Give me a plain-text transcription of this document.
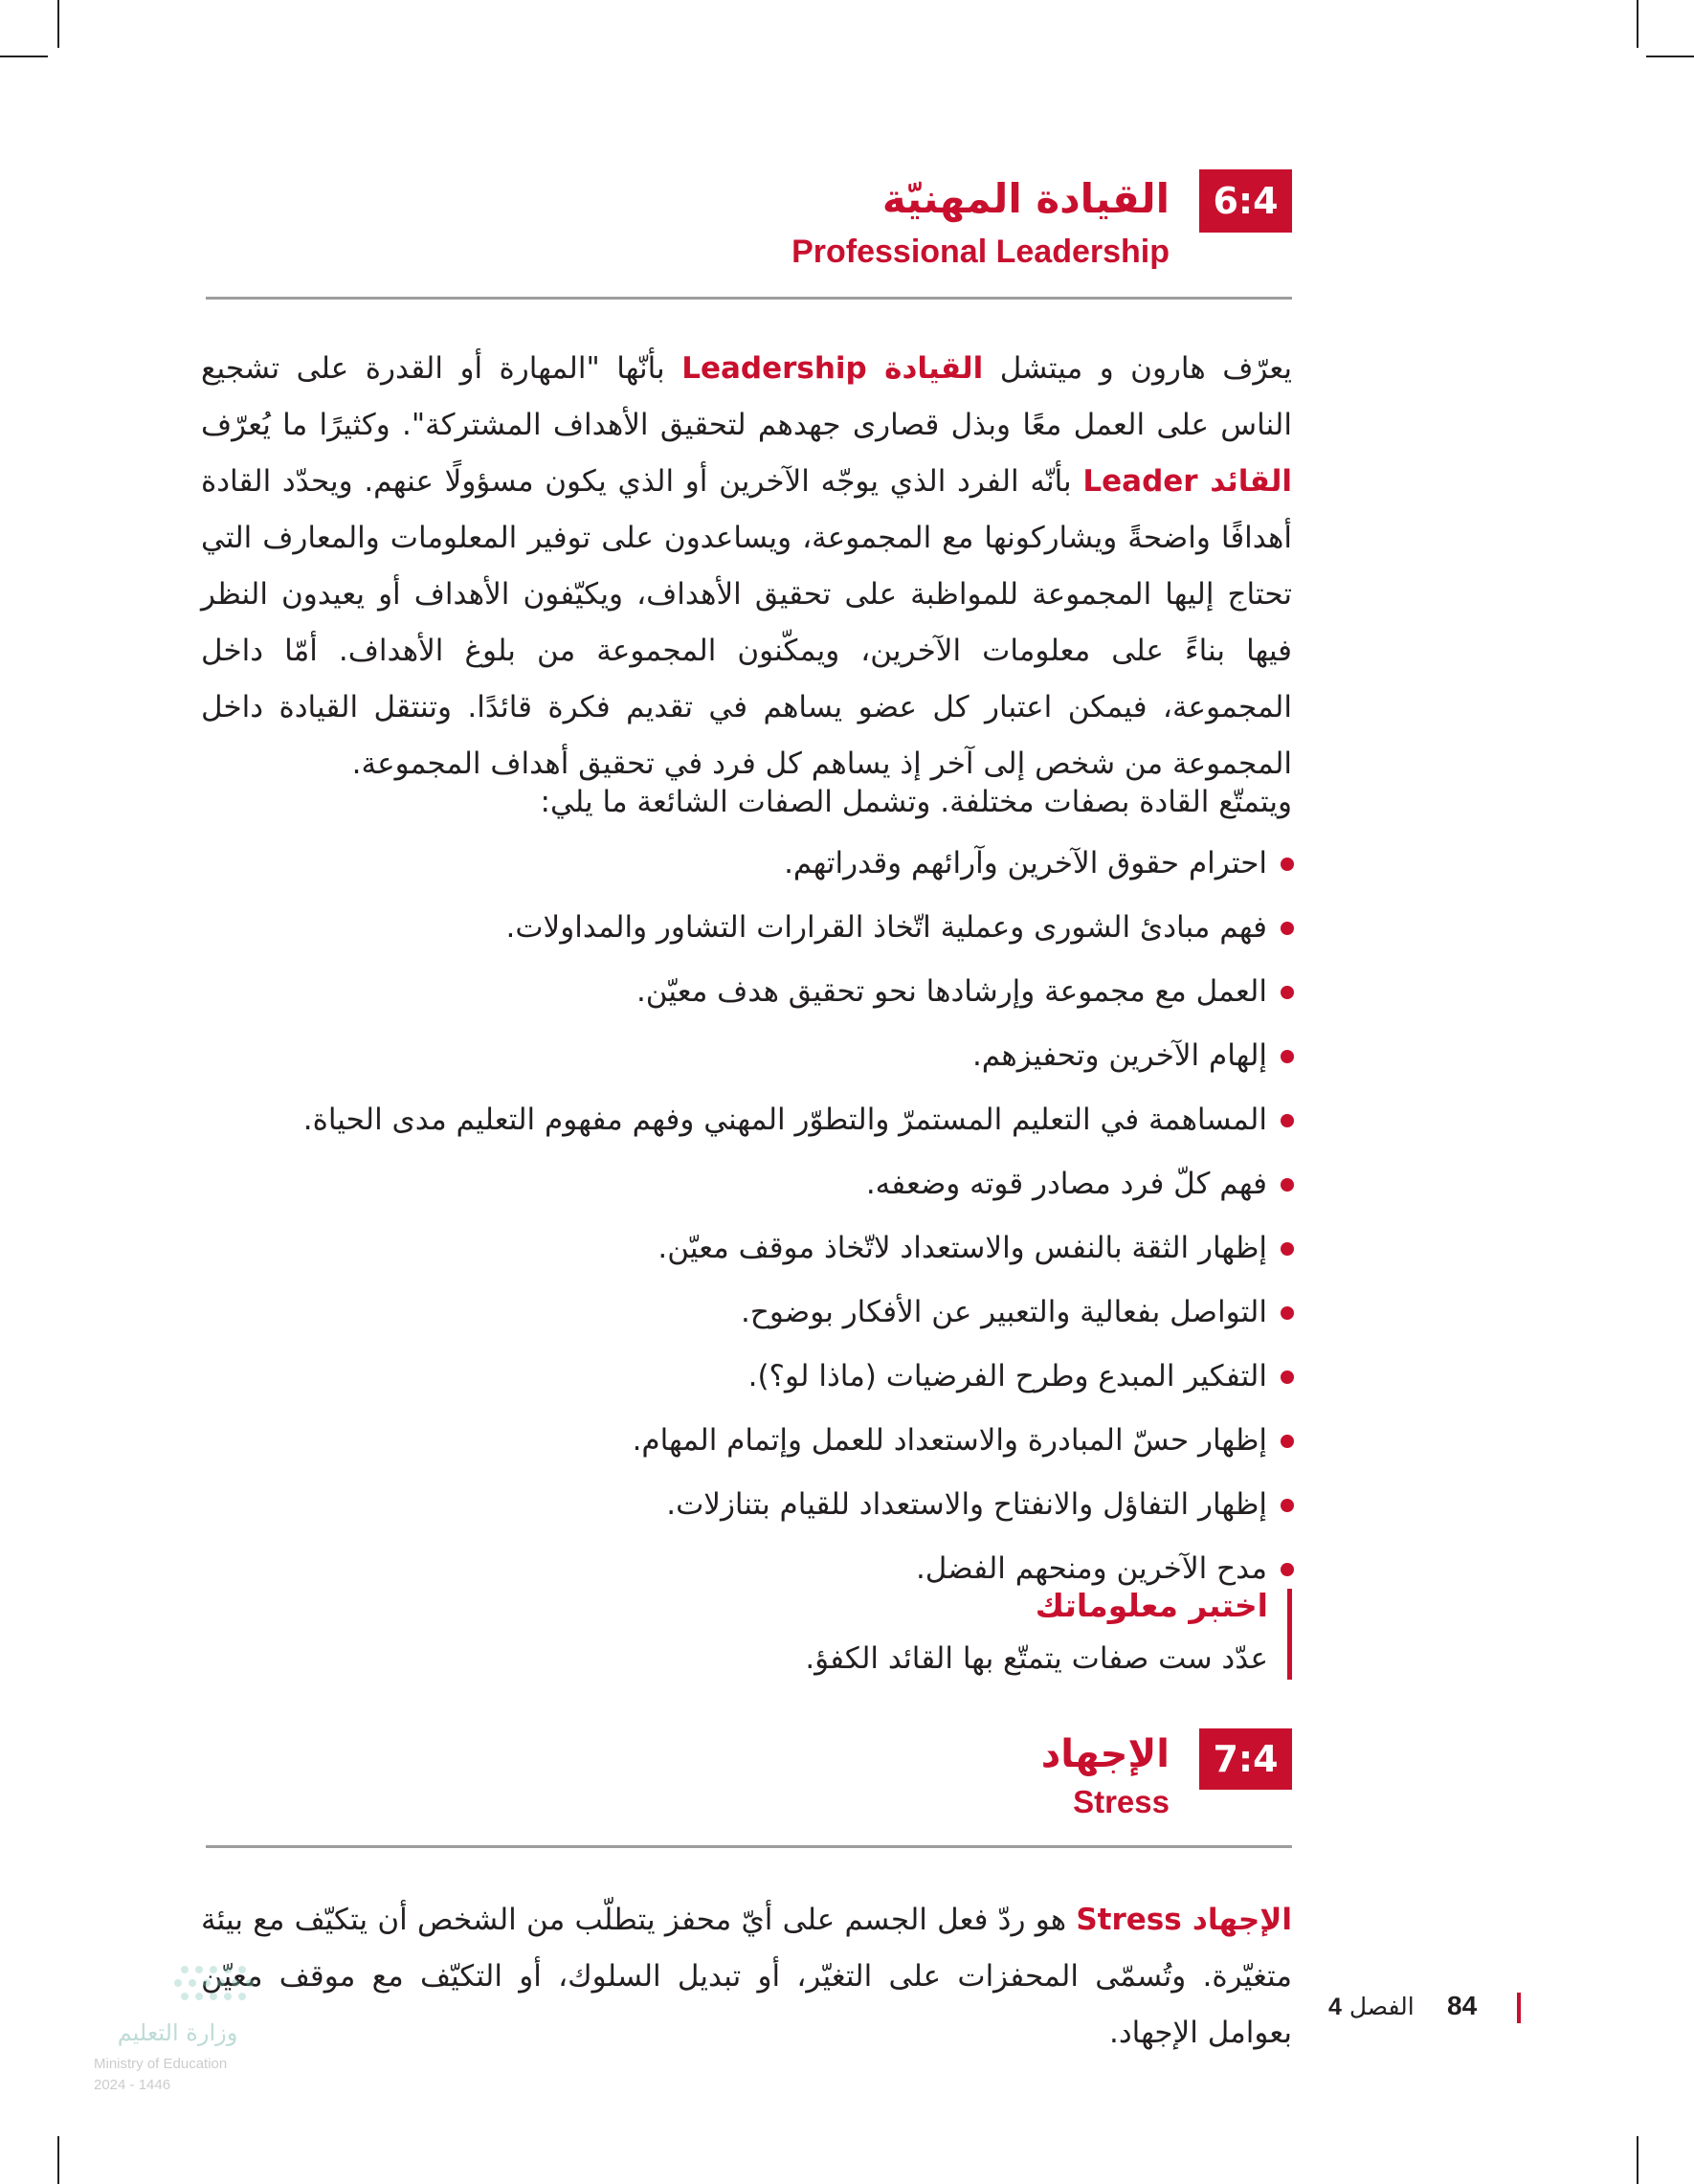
6:4
القيادة المهنيّة
Professional Leadership

يعرّف هارون و ميتشل القيادة Leadership بأنّها "المهارة أو القدرة على تشجيع الناس على العمل معًا وبذل قصارى جهدهم لتحقيق الأهداف المشتركة". وكثيرًا ما يُعرّف القائد Leader بأنّه الفرد الذي يوجّه الآخرين أو الذي يكون مسؤولًا عنهم. ويحدّد القادة أهدافًا واضحةً ويشاركونها مع المجموعة، ويساعدون على توفير المعلومات والمعارف التي تحتاج إليها المجموعة للمواظبة على تحقيق الأهداف، ويكيّفون الأهداف أو يعيدون النظر فيها بناءً على معلومات الآخرين، ويمكّنون المجموعة من بلوغ الأهداف. أمّا داخل المجموعة، فيمكن اعتبار كل عضو يساهم في تقديم فكرة قائدًا. وتنتقل القيادة داخل المجموعة من شخص إلى آخر إذ يساهم كل فرد في تحقيق أهداف المجموعة.

ويتمتّع القادة بصفات مختلفة. وتشمل الصفات الشائعة ما يلي:
احترام حقوق الآخرين وآرائهم وقدراتهم.
فهم مبادئ الشورى وعملية اتّخاذ القرارات التشاور والمداولات.
العمل مع مجموعة وإرشادها نحو تحقيق هدف معيّن.
إلهام الآخرين وتحفيزهم.
المساهمة في التعليم المستمرّ والتطوّر المهني وفهم مفهوم التعليم مدى الحياة.
فهم كلّ فرد مصادر قوته وضعفه.
إظهار الثقة بالنفس والاستعداد لاتّخاذ موقف معيّن.
التواصل بفعالية والتعبير عن الأفكار بوضوح.
التفكير المبدع وطرح الفرضيات (ماذا لو؟).
إظهار حسّ المبادرة والاستعداد للعمل وإتمام المهام.
إظهار التفاؤل والانفتاح والاستعداد للقيام بتنازلات.
مدح الآخرين ومنحهم الفضل.
اختبر معلوماتك
عدّد ست صفات يتمتّع بها القائد الكفؤ.
7:4
الإجهاد
Stress

الإجهاد Stress هو ردّ فعل الجسم على أيّ محفز يتطلّب من الشخص أن يتكيّف مع بيئة متغيّرة. وتُسمّى المحفزات على التغيّر، أو تبديل السلوك، أو التكيّف مع موقف معيّن بعوامل الإجهاد.

وزارة التعليم
Ministry of Education
2024 - 1446
84
الفصل 4
